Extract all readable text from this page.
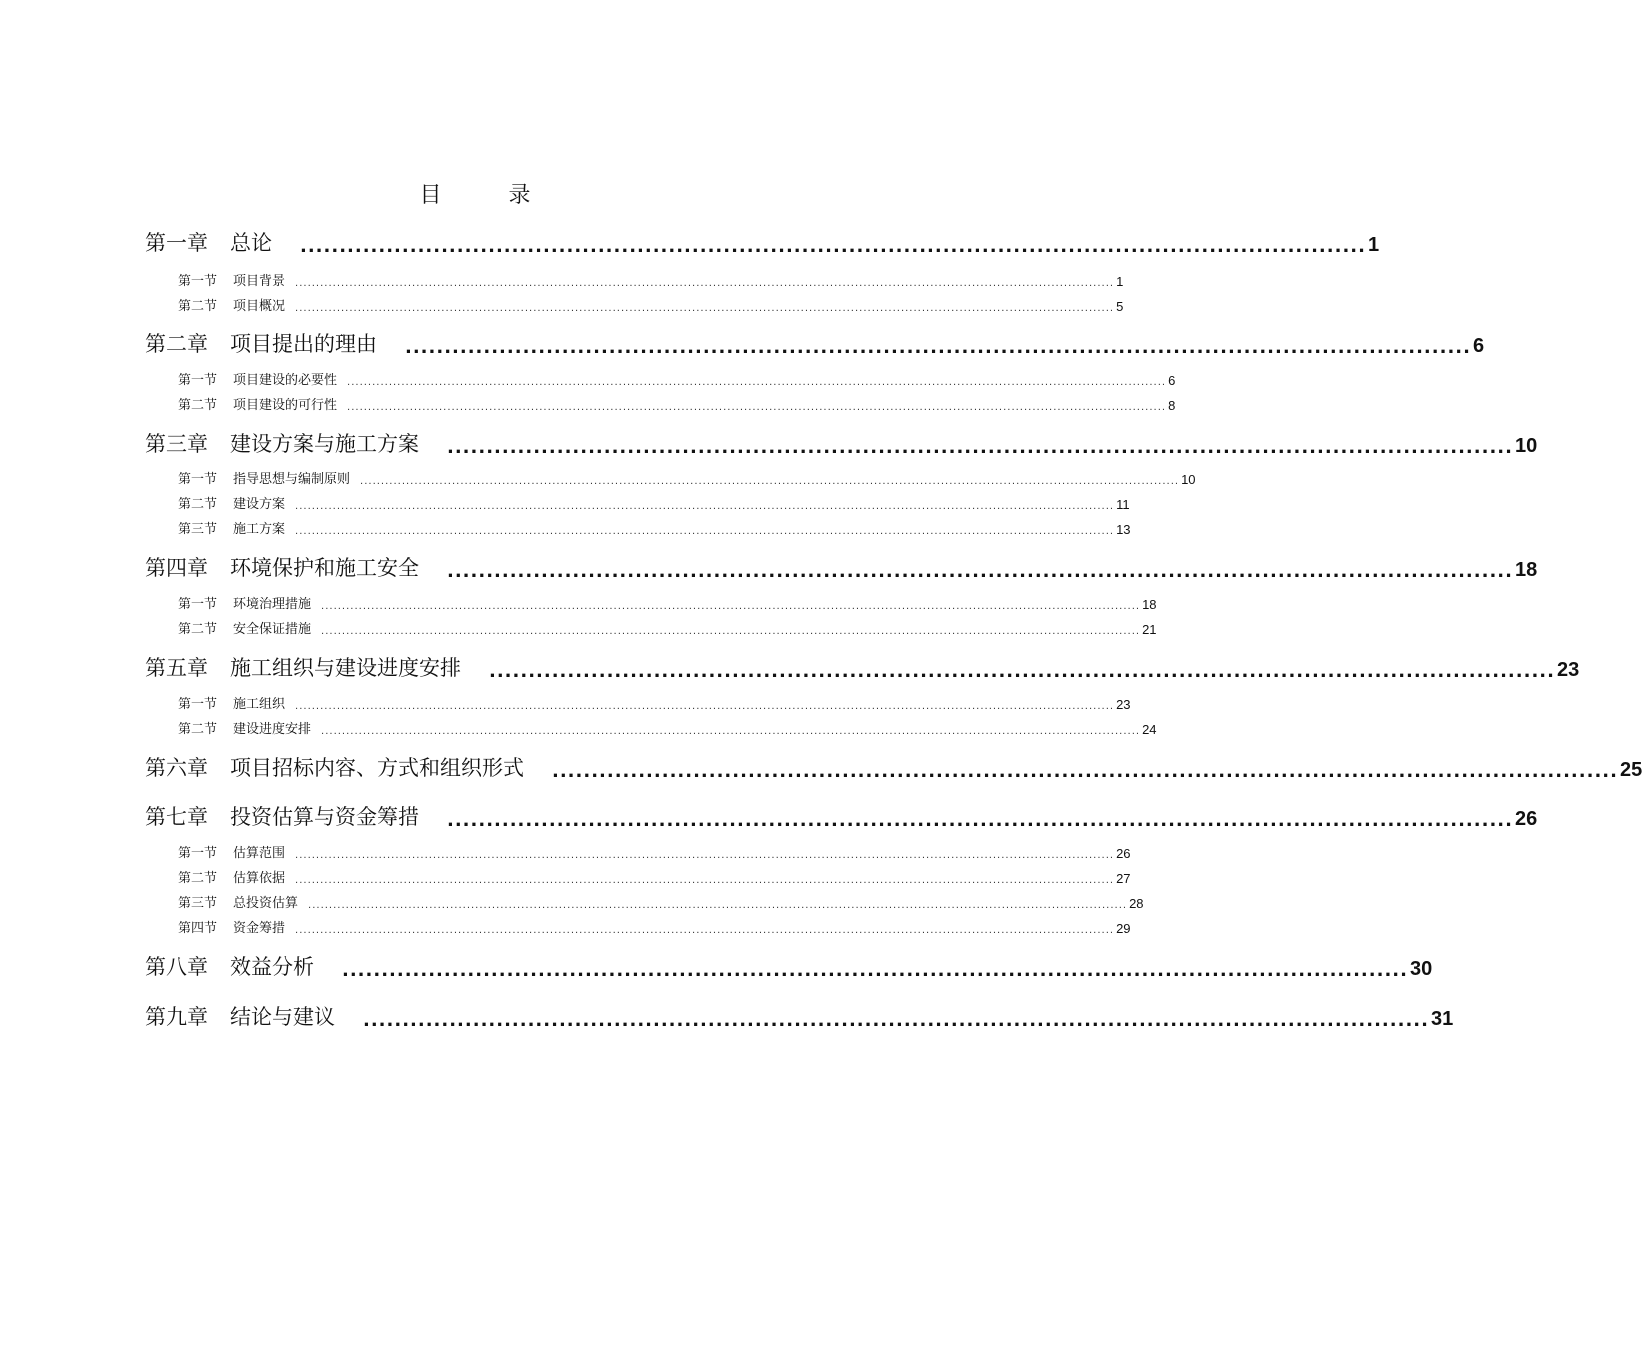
目 录
第一章 总论 ........................................................................................................................................ 1
第一节 项目背景 .................................................................................................................................................................................................... 1
第二节 项目概况 .................................................................................................................................................................................................... 5
第二章 项目提出的理由 ........................................................................................................................................ 6
第一节 项目建设的必要性 .................................................................................................................................................................................................... 6
第二节 项目建设的可行性 .................................................................................................................................................................................................... 8
第三章 建设方案与施工方案 ........................................................................................................................................ 10
第一节 指导思想与编制原则 .................................................................................................................................................................................................... 10
第二节 建设方案 .................................................................................................................................................................................................... 11
第三节 施工方案 .................................................................................................................................................................................................... 13
第四章 环境保护和施工安全 ........................................................................................................................................ 18
第一节 环境治理措施 .................................................................................................................................................................................................... 18
第二节 安全保证措施 .................................................................................................................................................................................................... 21
第五章 施工组织与建设进度安排 ........................................................................................................................................ 23
第一节 施工组织 .................................................................................................................................................................................................... 23
第二节 建设进度安排 .................................................................................................................................................................................................... 24
第六章 项目招标内容、方式和组织形式 ........................................................................................................................................ 25
第七章 投资估算与资金筹措 ........................................................................................................................................ 26
第一节 估算范围 .................................................................................................................................................................................................... 26
第二节 估算依据 .................................................................................................................................................................................................... 27
第三节 总投资估算 .................................................................................................................................................................................................... 28
第四节 资金筹措 .................................................................................................................................................................................................... 29
第八章 效益分析 ........................................................................................................................................ 30
第九章 结论与建议 ........................................................................................................................................ 31
